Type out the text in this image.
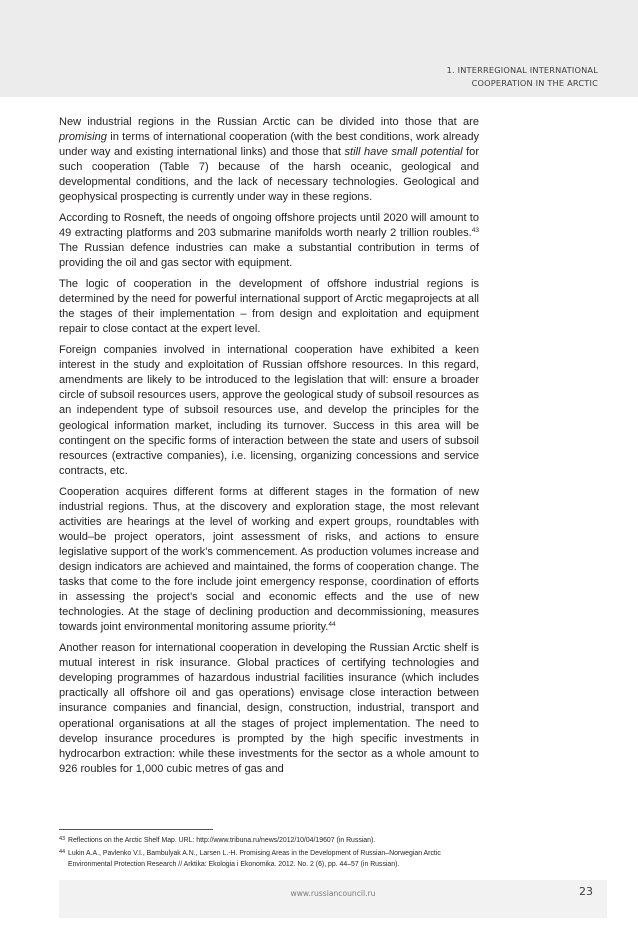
1. INTERREGIONAL INTERNATIONAL
COOPERATION IN THE ARCTIC

New industrial regions in the Russian Arctic can be divided into those that are promising in terms of international cooperation (with the best conditions, work already under way and existing international links) and those that still have small potential for such cooperation (Table 7) because of the harsh oceanic, geological and developmental conditions, and the lack of necessary technologies. Geological and geophysical prospecting is currently under way in these regions.

According to Rosneft, the needs of ongoing offshore projects until 2020 will amount to 49 extracting platforms and 203 submarine manifolds worth nearly 2 trillion roubles.$^{43}$ The Russian defence industries can make a substantial contribution in terms of providing the oil and gas sector with equipment.

The logic of cooperation in the development of offshore industrial regions is determined by the need for powerful international support of Arctic megaprojects at all the stages of their implementation – from design and exploitation and equipment repair to close contact at the expert level.

Foreign companies involved in international cooperation have exhibited a keen interest in the study and exploitation of Russian offshore resources. In this regard, amendments are likely to be introduced to the legislation that will: ensure a broader circle of subsoil resources users, approve the geological study of subsoil resources as an independent type of subsoil resources use, and develop the principles for the geological information market, including its turnover. Success in this area will be contingent on the specific forms of interaction between the state and users of subsoil resources (extractive companies), i.e. licensing, organizing concessions and service contracts, etc.

Cooperation acquires different forms at different stages in the formation of new industrial regions. Thus, at the discovery and exploration stage, the most relevant activities are hearings at the level of working and expert groups, roundtables with would–be project operators, joint assessment of risks, and actions to ensure legislative support of the work’s commencement. As production volumes increase and design indicators are achieved and maintained, the forms of cooperation change. The tasks that come to the fore include joint emergency response, coordination of efforts in assessing the project’s social and economic effects and the use of new technologies. At the stage of declining production and decommissioning, measures towards joint environmental monitoring assume priority.$^{44}$

Another reason for international cooperation in developing the Russian Arctic shelf is mutual interest in risk insurance. Global practices of certifying technologies and developing programmes of hazardous industrial facilities insurance (which includes practically all offshore oil and gas operations) envisage close interaction between insurance companies and financial, design, construction, industrial, transport and operational organisations at all the stages of project implementation. The need to develop insurance procedures is prompted by the high specific investments in hydrocarbon extraction: while these investments for the sector as a whole amount to 926 roubles for 1,000 cubic metres of gas and

43 Reflections on the Arctic Shelf Map. URL: http://www.tribuna.ru/news/2012/10/04/19607 (in Russian).
44 Lukin A.A., Pavlenko V.I., Bambulyak A.N., Larsen L.-H. Promising Areas in the Development of Russian–Norwegian Arctic Environmental Protection Research // Arktika: Ekologia i Ekonomika. 2012. No. 2 (6), pp. 44–57 (in Russian).
www.russiancouncil.ru	23
